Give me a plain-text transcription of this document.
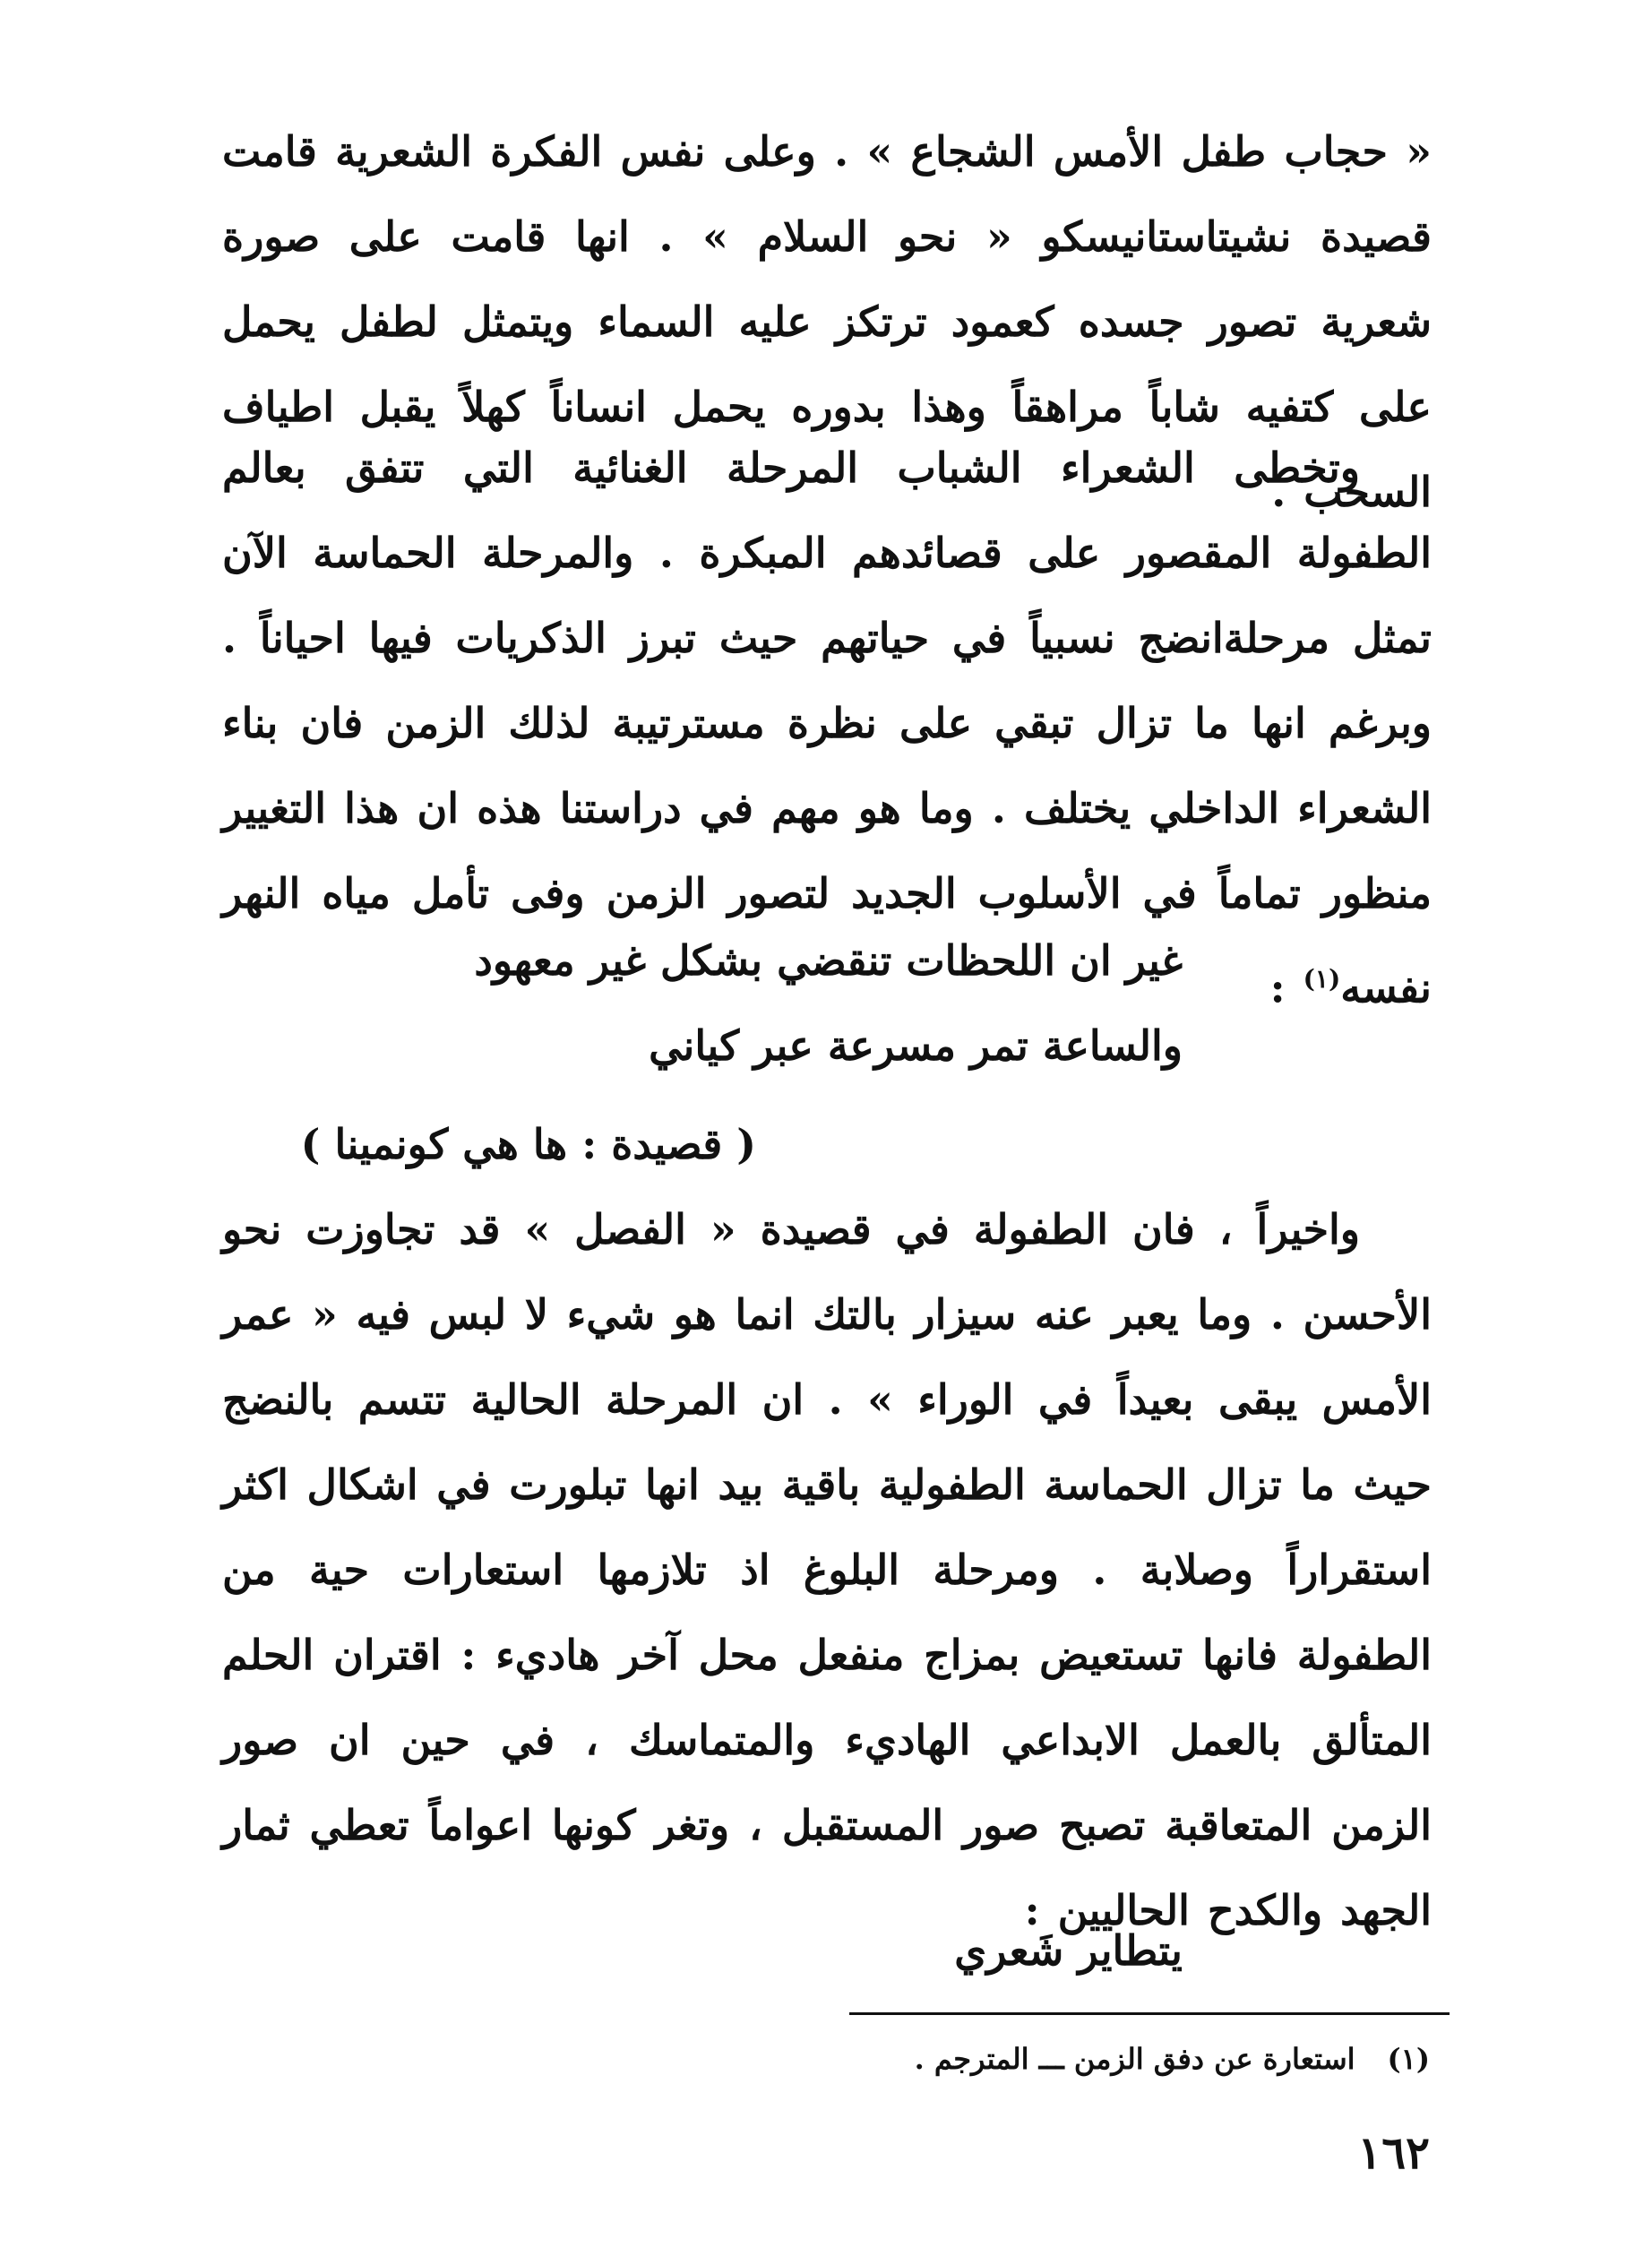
« حجاب طفل الأمس الشجاع » . وعلى نفس الفكرة الشعرية قامت قصيدة نشيتاستانيسكو « نحو السلام » . انها قامت على صورة شعرية تصور جسده كعمود ترتكز عليه السماء ويتمثل لطفل يحمل على كتفيه شاباً مراهقاً وهذا بدوره يحمل انساناً كهلاً يقبل اطياف السحب .
وتخطى الشعراء الشباب المرحلة الغنائية التي تتفق بعالم الطفولة المقصور على قصائدهم المبكرة . والمرحلة الحماسة الآن تمثل مرحلةانضج نسبياً في حياتهم حيث تبرز الذكريات فيها احياناً . وبرغم انها ما تزال تبقي على نظرة مسترتيبة لذلك الزمن فان بناء الشعراء الداخلي يختلف . وما هو مهم في دراستنا هذه ان هذا التغيير منظور تماماً في الأسلوب الجديد لتصور الزمن وفى تأمل مياه النهر نفسه$^{(١)}$ :
غير ان اللحظات تنقضي بشكل غير معهود
والساعة تمر مسرعة عبر كياني
( قصيدة : ها هي كونمينا )
واخيراً ، فان الطفولة في قصيدة « الفصل » قد تجاوزت نحو الأحسن . وما يعبر عنه سيزار بالتك انما هو شيء لا لبس فيه « عمر الأمس يبقى بعيداً في الوراء » . ان المرحلة الحالية تتسم بالنضج حيث ما تزال الحماسة الطفولية باقية بيد انها تبلورت في اشكال اكثر استقراراً وصلابة . ومرحلة البلوغ اذ تلازمها استعارات حية من الطفولة فانها تستعيض بمزاج منفعل محل آخر هاديء : اقتران الحلم المتألق بالعمل الابداعي الهاديء والمتماسك ، في حين ان صور الزمن المتعاقبة تصبح صور المستقبل ، وتغر كونها اعواماً تعطي ثمار الجهد والكدح الحاليين :
يتطاير شَعري
(١)استعارة عن دفق الزمن ـــ المترجم .
١٦٢
